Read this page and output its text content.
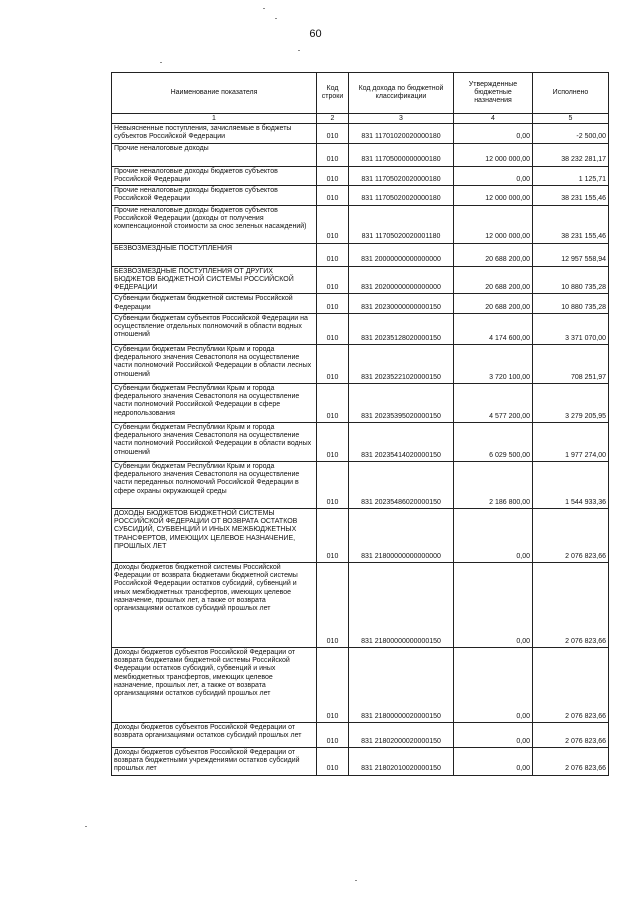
60
Наименование показателя	Код строки	Код дохода по бюджетной классификации	Утвержденные бюджетные назначения	Исполнено
1	2	3	4	5
Невыясненные поступления, зачисляемые в бюджеты субъектов Российской Федерации	010	831 11701020020000180	0,00	-2 500,00
Прочие неналоговые доходы	010	831 11705000000000180	12 000 000,00	38 232 281,17
Прочие неналоговые доходы бюджетов субъектов Российской Федерации	010	831 11705020020000180	0,00	1 125,71
Прочие неналоговые доходы бюджетов субъектов Российской Федерации	010	831 11705020020000180	12 000 000,00	38 231 155,46
Прочие неналоговые доходы бюджетов субъектов Российской Федерации (доходы от получения компенсационной стоимости за снос зеленых насаждений)	010	831 11705020020001180	12 000 000,00	38 231 155,46
БЕЗВОЗМЕЗДНЫЕ ПОСТУПЛЕНИЯ	010	831 20000000000000000	20 688 200,00	12 957 558,94
БЕЗВОЗМЕЗДНЫЕ ПОСТУПЛЕНИЯ ОТ ДРУГИХ БЮДЖЕТОВ БЮДЖЕТНОЙ СИСТЕМЫ РОССИЙСКОЙ ФЕДЕРАЦИИ	010	831 20200000000000000	20 688 200,00	10 880 735,28
Субвенции бюджетам бюджетной системы Российской Федерации	010	831 20230000000000150	20 688 200,00	10 880 735,28
Субвенции бюджетам субъектов Российской Федерации на осуществление отдельных полномочий в области водных отношений	010	831 20235128020000150	4 174 600,00	3 371 070,00
Субвенции бюджетам Республики Крым и города федерального значения Севастополя на осуществление части полномочий Российской Федерации в области лесных отношений	010	831 20235221020000150	3 720 100,00	708 251,97
Субвенции бюджетам Республики Крым и города федерального значения Севастополя на осуществление части полномочий Российской Федерации в сфере недропользования	010	831 20235395020000150	4 577 200,00	3 279 205,95
Субвенции бюджетам Республики Крым и города федерального значения Севастополя на осуществление части полномочий Российской Федерации в области водных отношений	010	831 20235414020000150	6 029 500,00	1 977 274,00
Субвенции бюджетам Республики Крым и города федерального значения Севастополя на осуществление части переданных полномочий Российской Федерации в сфере охраны окружающей среды	010	831 20235486020000150	2 186 800,00	1 544 933,36
ДОХОДЫ БЮДЖЕТОВ БЮДЖЕТНОЙ СИСТЕМЫ РОССИЙСКОЙ ФЕДЕРАЦИИ ОТ ВОЗВРАТА ОСТАТКОВ СУБСИДИЙ, СУБВЕНЦИЙ И ИНЫХ МЕЖБЮДЖЕТНЫХ ТРАНСФЕРТОВ, ИМЕЮЩИХ ЦЕЛЕВОЕ НАЗНАЧЕНИЕ, ПРОШЛЫХ ЛЕТ	010	831 21800000000000000	0,00	2 076 823,66
Доходы бюджетов бюджетной системы Российской Федерации от возврата бюджетами бюджетной системы Российской Федерации остатков субсидий, субвенций и иных межбюджетных трансфертов, имеющих целевое назначение, прошлых лет, а также от возврата организациями остатков субсидий прошлых лет	010	831 21800000000000150	0,00	2 076 823,66
Доходы бюджетов субъектов Российской Федерации от возврата бюджетами бюджетной системы Российской Федерации остатков субсидий, субвенций и иных межбюджетных трансфертов, имеющих целевое назначение, прошлых лет, а также от возврата организациями остатков субсидий прошлых лет	010	831 21800000020000150	0,00	2 076 823,66
Доходы бюджетов субъектов Российской Федерации от возврата организациями остатков субсидий прошлых лет	010	831 21802000020000150	0,00	2 076 823,66
Доходы бюджетов субъектов Российской Федерации от возврата бюджетными учреждениями остатков субсидий прошлых лет	010	831 21802010020000150	0,00	2 076 823,66
